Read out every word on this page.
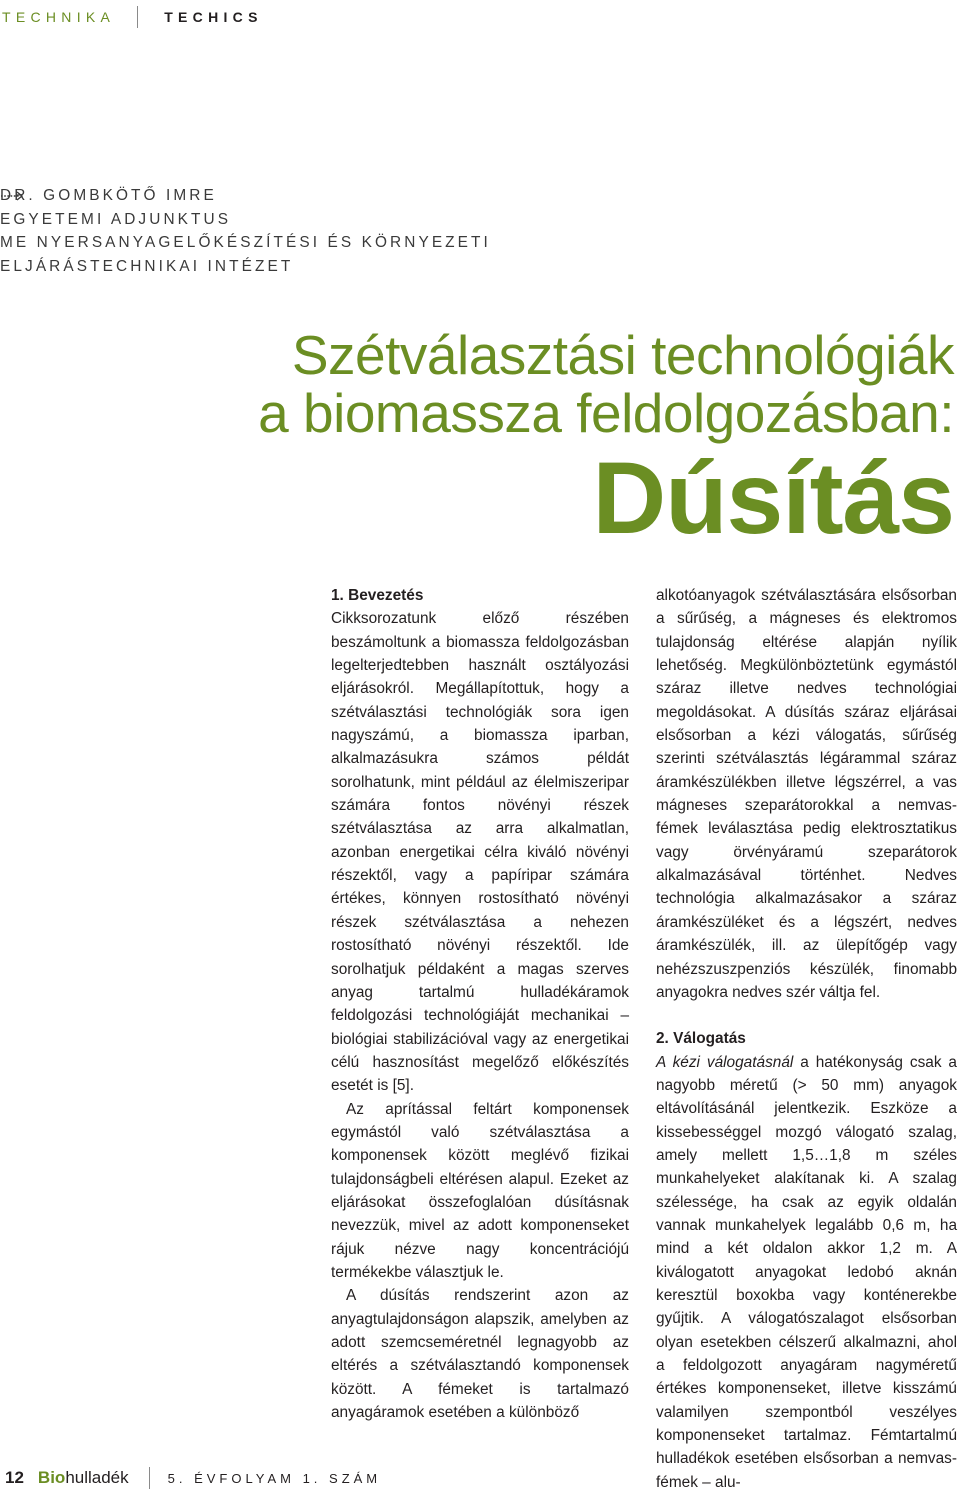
TECHNIKA	TECHICS
DR. GOMBKÖTŐ IMRE
EGYETEMI ADJUNKTUS
ME NYERSANYAGELŐKÉSZÍTÉSI ÉS KÖRNYEZETI
ELJÁRÁSTECHNIKAI INTÉZET
Szétválasztási technológiák
a biomassza feldolgozásban:
Dúsítás
1. Bevezetés

Cikksorozatunk előző részében beszámoltunk a biomassza feldolgozásban legelterjedtebben használt osztályozási eljárásokról. Megállapítottuk, hogy a szétválasztási technológiák sora igen nagyszámú, a biomassza iparban, alkalmazásukra számos példát sorolhatunk, mint például az élelmiszeripar számára fontos növényi részek szétválasztása az arra alkalmatlan, azonban energetikai célra kiváló növényi részektől, vagy a papíripar számára értékes, könnyen rostosítható növényi részek szétválasztása a nehezen rostosítható növényi részektől. Ide sorolhatjuk példaként a magas szerves anyag tartalmú hulladékáramok feldolgozási technológiáját mechanikai – biológiai stabilizációval vagy az energetikai célú hasznosítást megelőző előkészítés esetét is [5].

Az aprítással feltárt komponensek egymástól való szétválasztása a komponensek között meglévő fizikai tulajdonságbeli eltérésen alapul. Ezeket az eljárásokat összefoglalóan dúsításnak nevezzük, mivel az adott komponenseket rájuk nézve nagy koncentrációjú termékekbe választjuk le.

A dúsítás rendszerint azon az anyagtulajdonságon alapszik, amelyben az adott szemcseméretnél legnagyobb az eltérés a szétválasztandó komponensek között. A fémeket is tartalmazó anyagáramok esetében a különböző

alkotóanyagok szétválasztására elsősorban a sűrűség, a mágneses és elektromos tulajdonság eltérése alapján nyílik lehetőség. Megkülönböztetünk egymástól száraz illetve nedves technológiai megoldásokat. A dúsítás száraz eljárásai elsősorban a kézi válogatás, sűrűség szerinti szétválasztás légárammal száraz áramkészülékben illetve légszérrel, a vas mágneses szeparátorokkal a nemvas-fémek leválasztása pedig elektrosztatikus vagy örvényáramú szeparátorok alkalmazásával történhet. Nedves technológia alkalmazásakor a száraz áramkészüléket és a légszért, nedves áramkészülék, ill. az ülepítőgép vagy nehézszuszpenziós készülék, finomabb anyagokra nedves szér váltja fel.

2. Válogatás

A kézi válogatásnál a hatékonyság csak a nagyobb méretű (> 50 mm) anyagok eltávolításánál jelentkezik. Eszköze a kissebességgel mozgó válogató szalag, amely mellett 1,5…1,8 m széles munkahelyeket alakítanak ki. A szalag szélessége, ha csak az egyik oldalán vannak munkahelyek legalább 0,6 m, ha mind a két oldalon akkor 1,2 m. A kiválogatott anyagokat ledobó aknán keresztül boxokba vagy konténerekbe gyűjtik. A válogatószalagot elsősorban olyan esetekben célszerű alkalmazni, ahol a feldolgozott anyagáram nagyméretű értékes komponenseket, illetve kisszámú valamilyen szempontból veszélyes komponenseket tartalmaz. Fémtartalmú hulladékok esetében elsősorban a nemvas-fémek – alu-

12 Biohulladék	5. ÉVFOLYAM 1. SZÁM
